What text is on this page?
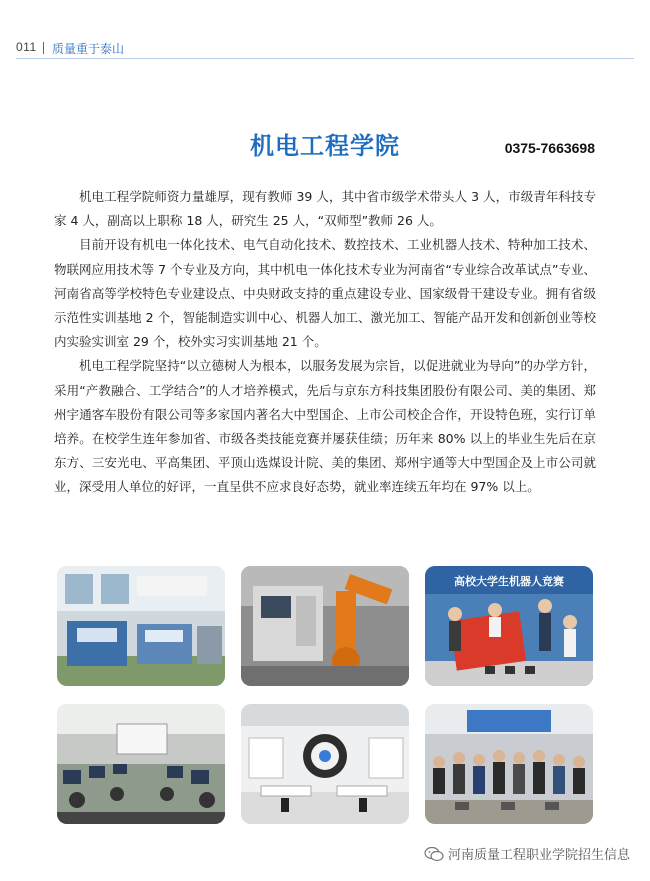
011 质量重于泰山
机电工程学院	0375-7663698

机电工程学院师资力量雄厚，现有教师 39 人，其中省市级学术带头人 3 人，市级青年科技专家 4 人，副高以上职称 18 人，研究生 25 人，“双师型”教师 26 人。

目前开设有机电一体化技术、电气自动化技术、数控技术、工业机器人技术、特种加工技术、物联网应用技术等 7 个专业及方向，其中机电一体化技术专业为河南省“专业综合改革试点”专业、河南省高等学校特色专业建设点、中央财政支持的重点建设专业、国家级骨干建设专业。拥有省级示范性实训基地 2 个，智能制造实训中心、机器人加工、激光加工、智能产品开发和创新创业等校内实验实训室 29 个，校外实习实训基地 21 个。

机电工程学院坚持“以立德树人为根本，以服务发展为宗旨，以促进就业为导向”的办学方针，采用“产教融合、工学结合”的人才培养模式，先后与京东方科技集团股份有限公司、美的集团、郑州宇通客车股份有限公司等多家国内著名大中型国企、上市公司校企合作，开设特色班，实行订单培养。在校学生连年参加省、市级各类技能竞赛并屡获佳绩；历年来 80% 以上的毕业生先后在京东方、三安光电、平高集团、平顶山选煤设计院、美的集团、郑州宇通等大中型国企及上市公司就业，深受用人单位的好评，一直呈供不应求良好态势，就业率连续五年均在 97% 以上。

高校大学生机器人竞赛
河南质量工程职业学院招生信息
